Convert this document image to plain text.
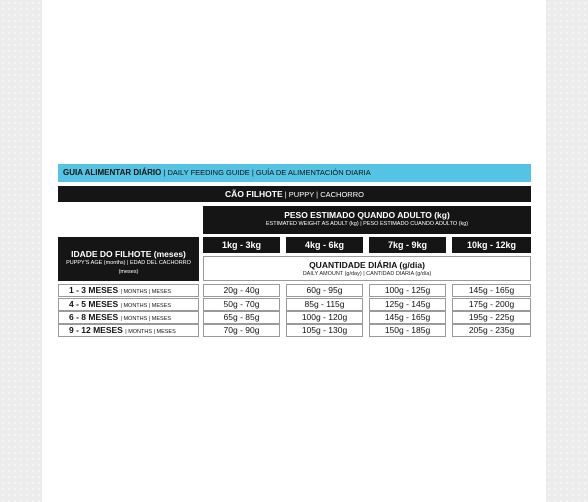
GUIA ALIMENTAR DIÁRIO | DAILY FEEDING GUIDE | GUÍA DE ALIMENTACIÓN DIARIA
CÃO FILHOTE | PUPPY | CACHORRO
PESO ESTIMADO QUANDO ADULTO (kg)
ESTIMATED WEIGHT AS ADULT (kg) | PESO ESTIMADO CUANDO ADULTO (kg)
1kg - 3kg	4kg - 6kg	7kg - 9kg	10kg - 12kg
IDADE DO FILHOTE (meses)
PUPPY'S AGE (months) | EDAD DEL CACHORRO (meses)
QUANTIDADE DIÁRIA (g/dia)
DAILY AMOUNT (g/day) | CANTIDAD DIARIA (g/día)
1 - 3 MESES | MONTHS | MESES	20g - 40g	60g - 95g	100g - 125g	145g - 165g
4 - 5 MESES | MONTHS | MESES	50g - 70g	85g - 115g	125g - 145g	175g - 200g
6 - 8 MESES | MONTHS | MESES	65g - 85g	100g - 120g	145g - 165g	195g - 225g
9 - 12 MESES | MONTHS | MESES	70g - 90g	105g - 130g	150g - 185g	205g - 235g
